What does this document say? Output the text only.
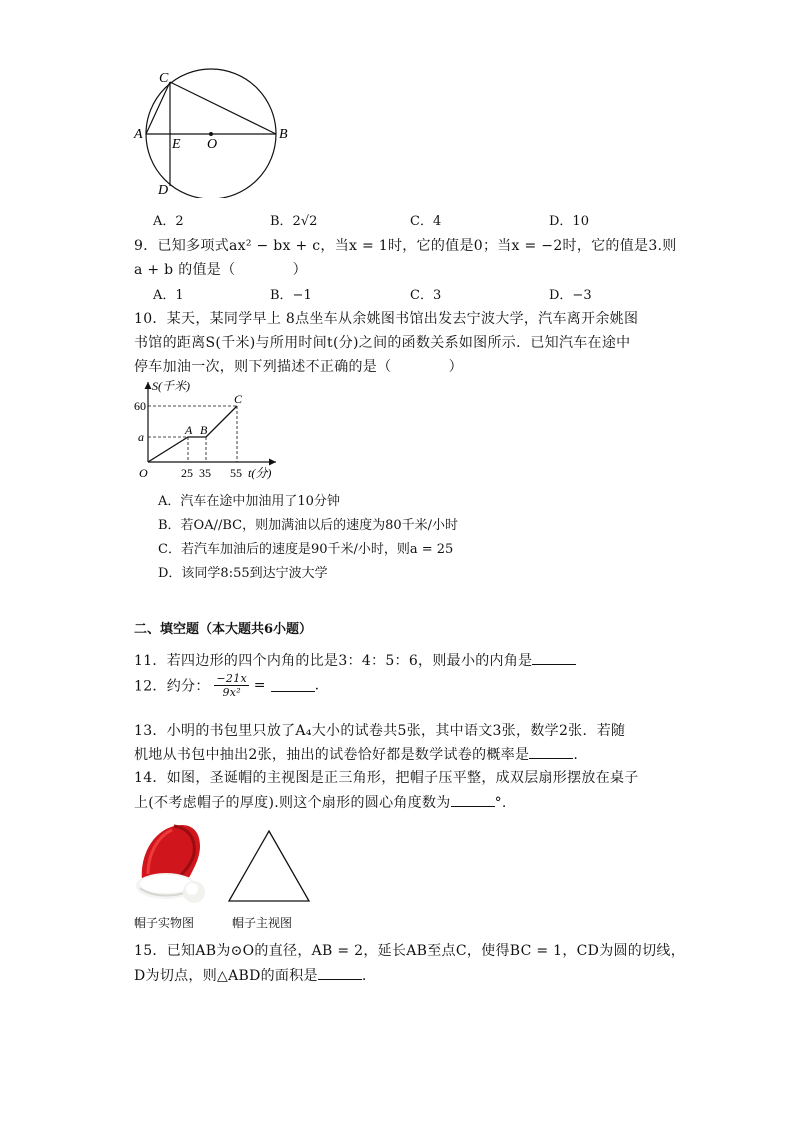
C
A
E O
B
D
A．2	B．2√2	C．4	D．10
9．已知多项式ax² − bx + c，当x = 1时，它的值是0；当x = −2时，它的值是3.则
a + b 的值是（　　　　）
A．1	B．−1	C．3	D．−3
10．某天，某同学早上 8点坐车从余姚图书馆出发去宁波大学，汽车离开余姚图
书馆的距离S(千米)与所用时间t(分)之间的函数关系如图所示．已知汽车在途中
停车加油一次，则下列描述不正确的是（　　　　）
S(千米)
60
a
O	25 35 55 t(分)
A B
C
A．汽车在途中加油用了10分钟
B．若OA//BC，则加满油以后的速度为80千米/小时
C．若汽车加油后的速度是90千米/小时，则a = 25
D．该同学8:55到达宁波大学
二、填空题（本大题共6小题）
11．若四边形的四个内角的比是3：4：5：6，则最小的内角是
12．约分： $\frac{-21x}{\text{9x²}}$ =	.
13．小明的书包里只放了A₄大小的试卷共5张，其中语文3张，数学2张．若随
机地从书包中抽出2张，抽出的试卷恰好都是数学试卷的概率是	.
14．如图，圣诞帽的主视图是正三角形，把帽子压平整，成双层扇形摆放在桌子
上(不考虑帽子的厚度).则这个扇形的圆心角度数为	°.
帽子实物图	帽子主视图
15．已知AB为⊙O的直径，AB = 2，延长AB至点C，使得BC = 1，CD为圆的切线，
D为切点，则△ABD的面积是	.
